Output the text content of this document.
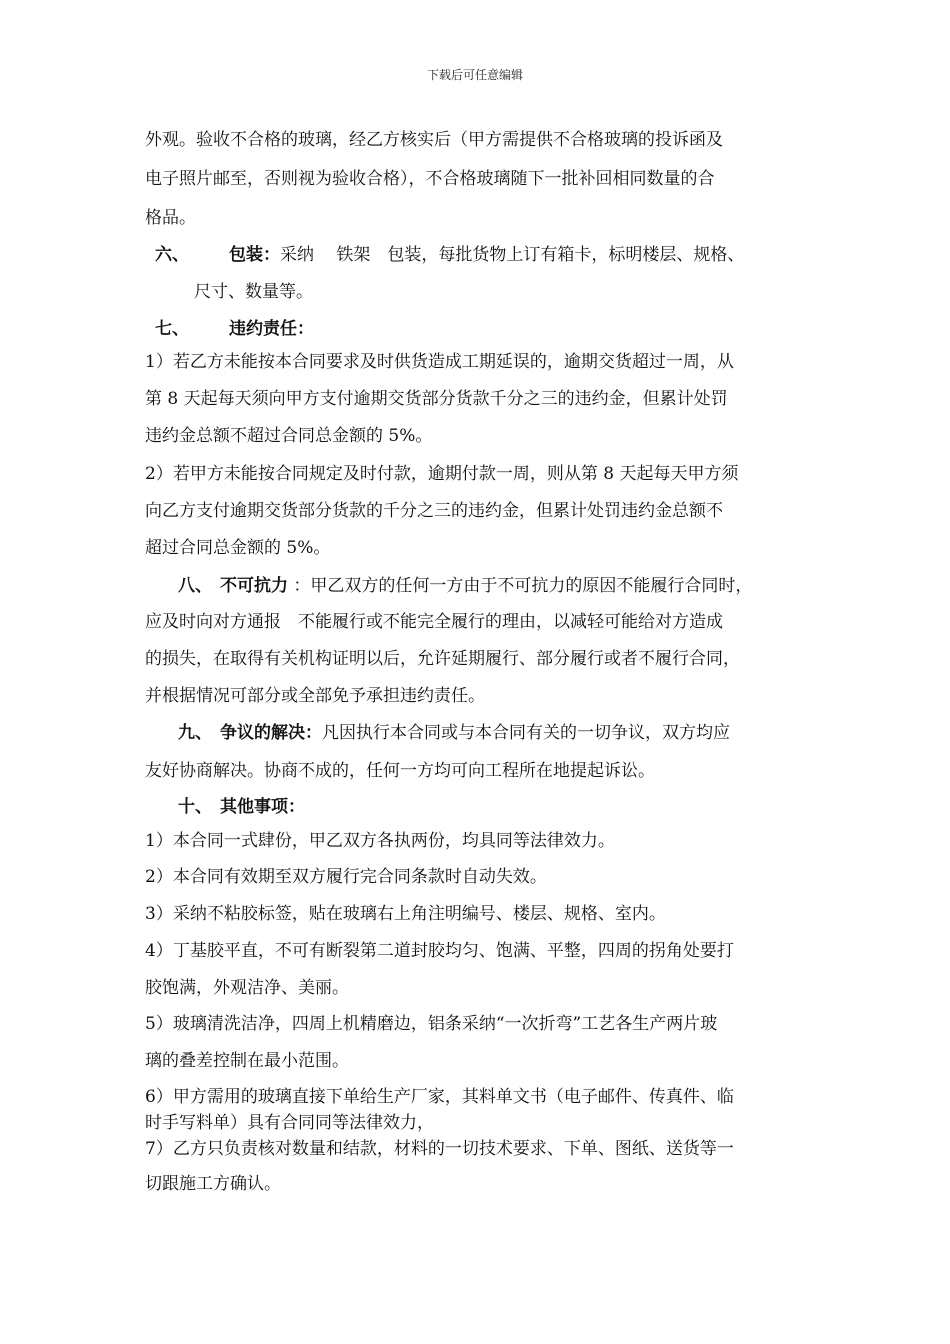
下载后可任意编辑
外观。验收不合格的玻璃，经乙方核实后（甲方需提供不合格玻璃的投诉函及
电子照片邮至，否则视为验收合格），不合格玻璃随下一批补回相同数量的合
格品。
六、 包装：采纳　 铁架　包装，每批货物上订有箱卡，标明楼层、规格、
尺寸、数量等。
七、 违约责任：
1）若乙方未能按本合同要求及时供货造成工期延误的，逾期交货超过一周，从
第 8 天起每天须向甲方支付逾期交货部分货款千分之三的违约金，但累计处罚
违约金总额不超过合同总金额的 5%。
2）若甲方未能按合同规定及时付款，逾期付款一周，则从第 8 天起每天甲方须
向乙方支付逾期交货部分货款的千分之三的违约金，但累计处罚违约金总额不
超过合同总金额的 5%。
八、 不可抗力 ：甲乙双方的任何一方由于不可抗力的原因不能履行合同时，
应及时向对方通报　不能履行或不能完全履行的理由，以减轻可能给对方造成
的损失，在取得有关机构证明以后，允许延期履行、部分履行或者不履行合同，
并根据情况可部分或全部免予承担违约责任。
九、 争议的解决：凡因执行本合同或与本合同有关的一切争议，双方均应
友好协商解决。协商不成的，任何一方均可向工程所在地提起诉讼。
十、 其他事项：
1）本合同一式肆份，甲乙双方各执两份，均具同等法律效力。
2）本合同有效期至双方履行完合同条款时自动失效。
3）采纳不粘胶标签，贴在玻璃右上角注明编号、楼层、规格、室内。
4）丁基胶平直，不可有断裂第二道封胶均匀、饱满、平整，四周的拐角处要打
胶饱满，外观洁净、美丽。
5）玻璃清洗洁净，四周上机精磨边，铝条采纳“一次折弯”工艺各生产两片玻
璃的叠差控制在最小范围。
6）甲方需用的玻璃直接下单给生产厂家，其料单文书（电子邮件、传真件、临
时手写料单）具有合同同等法律效力，
7）乙方只负责核对数量和结款，材料的一切技术要求、下单、图纸、送货等一
切跟施工方确认。
